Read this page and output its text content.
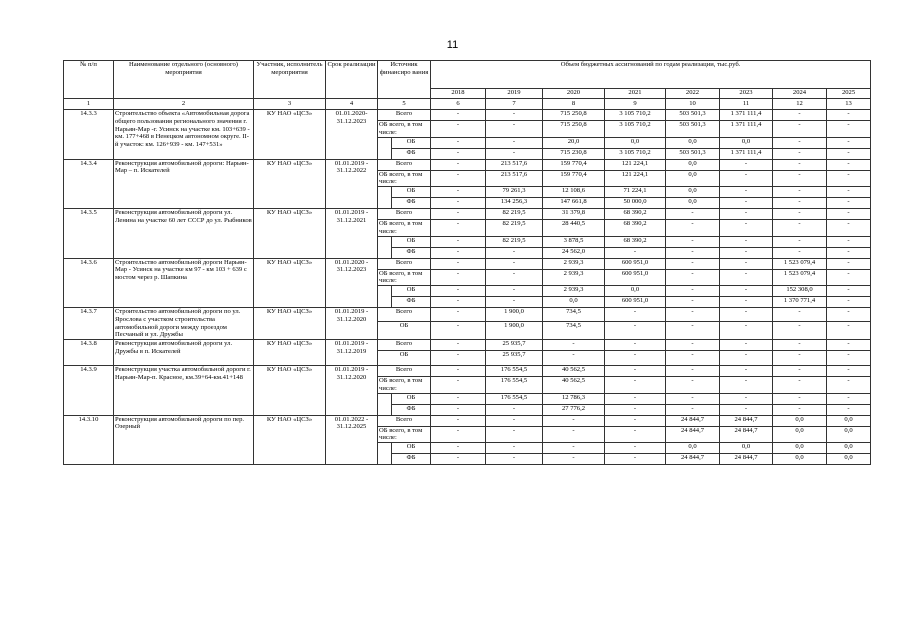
11
№ п/п	Наименование отдельного (основного) мероприятия	Участник, исполнитель мероприятия	Срок реализации	Источник финансиро вания		Объем бюджетных ассигнований по годам реализации, тыс.руб.							
						2018	2019	2020	2021	2022	2023	2024	2025
1	2	3	4	5		6	7	8	9	10	11	12	13
14.3.3	Строительство объекта «Автомобильная дорога общего пользования регионального значения г. Нарьян-Мар -г. Усинск на участке км. 103+639 - км. 177+468 в Ненецком автономном округе. II-й участок: км. 126+939 - км. 147+531»	КУ НАО «ЦСЗ»	01.01.2020- 31.12.2023	Всего		-	-	715 250,8	3 105 710,2	503 501,3	1 371 111,4	-	-
				ОБ всего, в том числе:		-	-	715 250,8	3 105 710,2	503 501,3	1 371 111,4	-	-
					ОБ	-	-	20,0	0,0	0,0	0,0	-	-
					ФБ	-	-	715 230,8	3 105 710,2	503 501,3	1 371 111,4	-	-
14.3.4	Реконструкция автомобильной дороги: Нарьян-Мар – п. Искателей	КУ НАО «ЦСЗ»	01.01.2019 - 31.12.2022	Всего		-	213 517,6	159 770,4	121 224,1	0,0	-	-	-
				ОБ всего, в том числе:		-	213 517,6	159 770,4	121 224,1	0,0	-	-	-
					ОБ	-	79 261,3	12 108,6	71 224,1	0,0	-	-	-
					ФБ	-	134 256,3	147 661,8	50 000,0	0,0	-	-	-
14.3.5	Реконструкция автомобильной дороги ул. Ленина на участке 60 лет СССР до ул. Рыбников	КУ НАО «ЦСЗ»	01.01.2019 - 31.12.2021	Всего		-	82 219,5	31 379,8	68 390,2	-	-	-	-
				ОБ всего, в том числе:		-	82 219,5	28 440,5	68 390,2	-	-	-	-
					ОБ	-	82 219,5	3 878,5	68 390,2	-	-	-	-
					ФБ	-	-	24 562,0	-	-	-	-	-
14.3.6	Строительство автомобильной дороги Нарьян-Мар - Усинск на участке км 97 - км 103 + 639 с мостом через р. Шапкина	КУ НАО «ЦСЗ»	01.01.2020 - 31.12.2023	Всего		-	-	2 939,3	600 951,0	-	-	1 523 079,4	-
				ОБ всего, в том числе:		-	-	2 939,3	600 951,0	-	-	1 523 079,4	-
					ОБ	-	-	2 939,3	0,0	-	-	152 308,0	-
					ФБ	-	-	0,0	600 951,0	-	-	1 370 771,4	-
14.3.7	Строительство автомобильной дороги по ул. Ярослова с участком строительства автомобильной дороги между проездом Песчаный и ул. Дружбы	КУ НАО «ЦСЗ»	01.01.2019 - 31.12.2020	Всего		-	1 900,0	734,5	-	-	-	-	-
				ОБ		-	1 900,0	734,5	-	-	-	-	-
14.3.8	Реконструкция автомобильной дороги ул. Дружбы в п. Искателей	КУ НАО «ЦСЗ»	01.01.2019 - 31.12.2019	Всего		-	25 935,7	-	-	-	-	-	-
				ОБ		-	25 935,7	-	-	-	-	-	-
14.3.9	Реконструкция участка автомобильной дороги г. Нарьян-Мар-п. Красное, км.39+64-км.41+148	КУ НАО «ЦСЗ»	01.01.2019 - 31.12.2020	Всего		-	176 554,5	40 562,5	-	-	-	-	-
				ОБ всего, в том числе:		-	176 554,5	40 562,5	-	-	-	-	-
					ОБ	-	176 554,5	12 786,3	-	-	-	-	-
					ФБ	-	-	27 776,2	-	-	-	-	-
14.3.10	Реконструкция автомобильной дороги по пер. Озерный	КУ НАО «ЦСЗ»	01.01.2022 - 31.12.2025	Всего		-	-	-	-	24 844,7	24 844,7	0,0	0,0
				ОБ всего, в том числе:		-	-	-	-	24 844,7	24 844,7	0,0	0,0
					ОБ	-	-	-	-	0,0	0,0	0,0	0,0
					ФБ	-	-	-	-	24 844,7	24 844,7	0,0	0,0
